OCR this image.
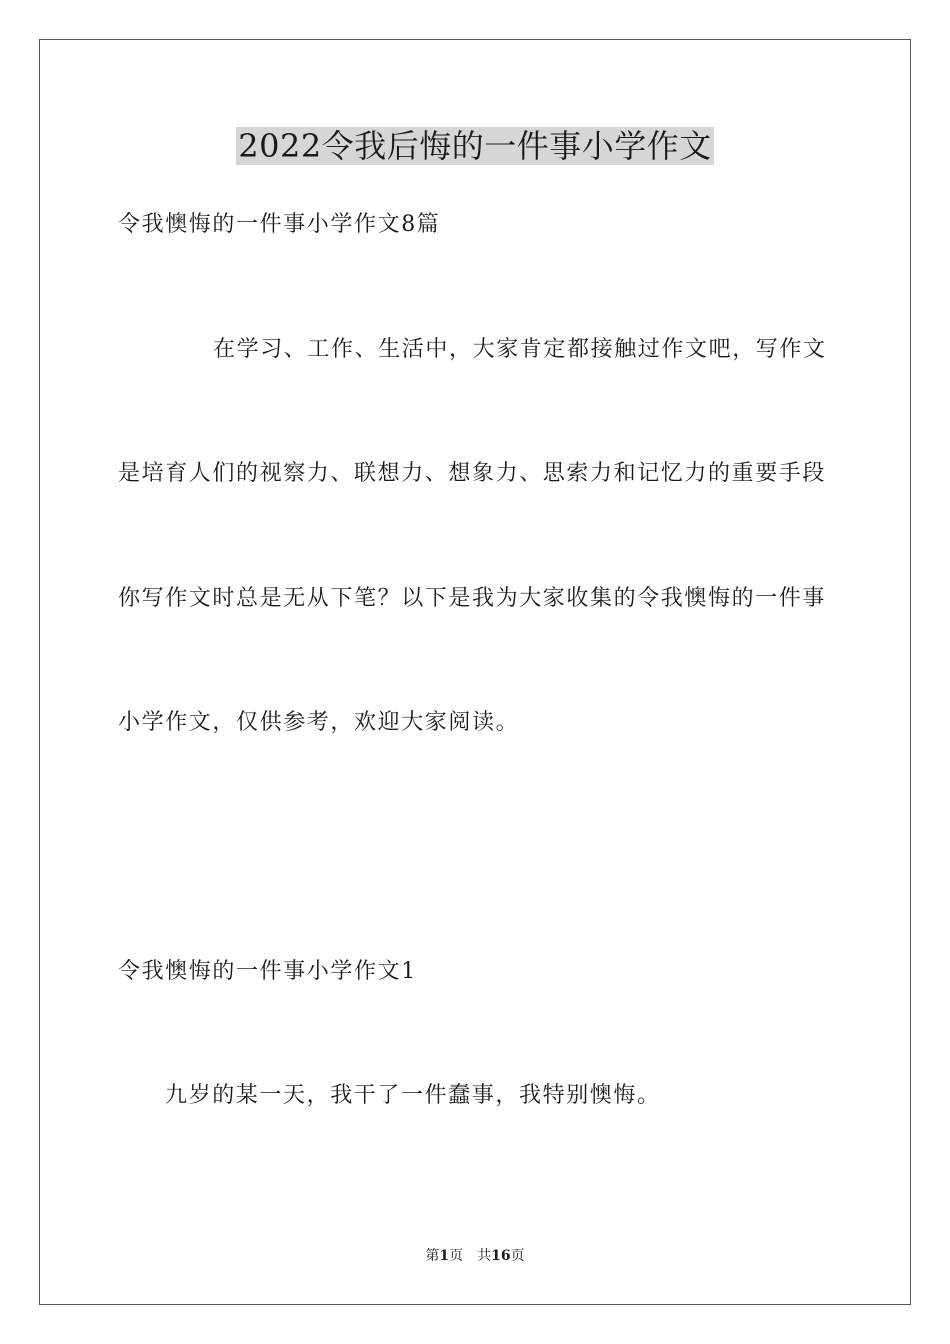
2022令我后悔的一件事小学作文

令我懊悔的一件事小学作文8篇

在学习、工作、生活中，大家肯定都接触过作文吧，写作文

是培育人们的视察力、联想力、想象力、思索力和记忆力的重要手段

你写作文时总是无从下笔？以下是我为大家收集的令我懊悔的一件事

小学作文，仅供参考，欢迎大家阅读。

令我懊悔的一件事小学作文1

九岁的某一天，我干了一件蠢事，我特别懊悔。

第1页　共16页
